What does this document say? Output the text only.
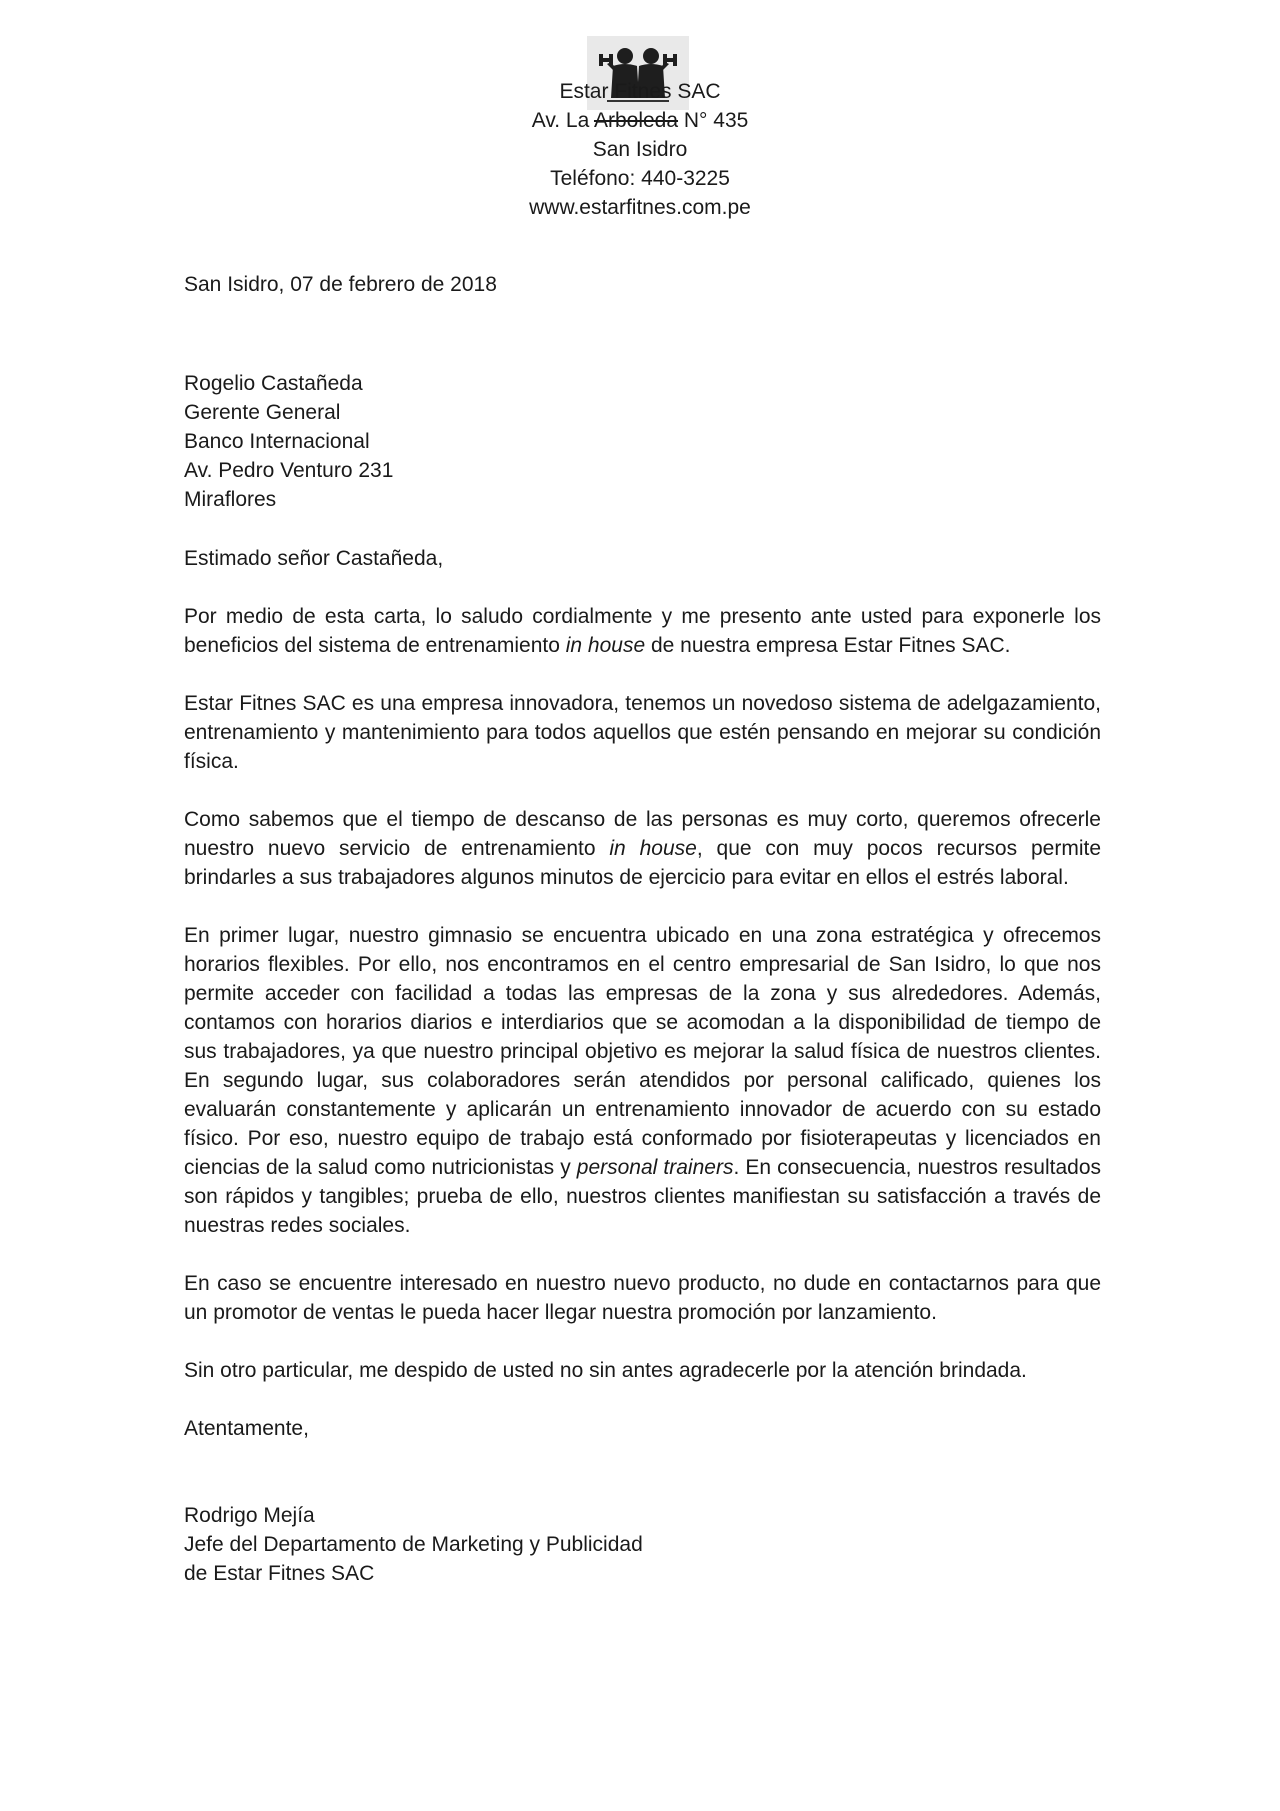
Estar Fitnes SAC
Av. La Arboleda N° 435
San Isidro
Teléfono: 440-3225
www.estarfitnes.com.pe
San Isidro, 07 de febrero de 2018
Rogelio Castañeda
Gerente General
Banco Internacional
Av. Pedro Venturo 231
Miraflores
Estimado señor Castañeda,

Por medio de esta carta, lo saludo cordialmente y me presento ante usted para exponerle los beneficios del sistema de entrenamiento in house de nuestra empresa Estar Fitnes SAC.

Estar Fitnes SAC es una empresa innovadora, tenemos un novedoso sistema de adelgazamiento, entrenamiento y mantenimiento para todos aquellos que estén pensando en mejorar su condición física.

Como sabemos que el tiempo de descanso de las personas es muy corto, queremos ofrecerle nuestro nuevo servicio de entrenamiento in house, que con muy pocos recursos permite brindarles a sus trabajadores algunos minutos de ejercicio para evitar en ellos el estrés laboral.

En primer lugar, nuestro gimnasio se encuentra ubicado en una zona estratégica y ofrecemos horarios flexibles. Por ello, nos encontramos en el centro empresarial de San Isidro, lo que nos permite acceder con facilidad a todas las empresas de la zona y sus alrededores. Además, contamos con horarios diarios e interdiarios que se acomodan a la disponibilidad de tiempo de sus trabajadores, ya que nuestro principal objetivo es mejorar la salud física de nuestros clientes. En segundo lugar, sus colaboradores serán atendidos por personal calificado, quienes los evaluarán constantemente y aplicarán un entrenamiento innovador de acuerdo con su estado físico. Por eso, nuestro equipo de trabajo está conformado por fisioterapeutas y licenciados en ciencias de la salud como nutricionistas y personal trainers. En consecuencia, nuestros resultados son rápidos y tangibles; prueba de ello, nuestros clientes manifiestan su satisfacción a través de nuestras redes sociales.

En caso se encuentre interesado en nuestro nuevo producto, no dude en contactarnos para que un promotor de ventas le pueda hacer llegar nuestra promoción por lanzamiento.

Sin otro particular, me despido de usted no sin antes agradecerle por la atención brindada.

Atentamente,
Rodrigo Mejía
Jefe del Departamento de Marketing y Publicidad
de Estar Fitnes SAC
